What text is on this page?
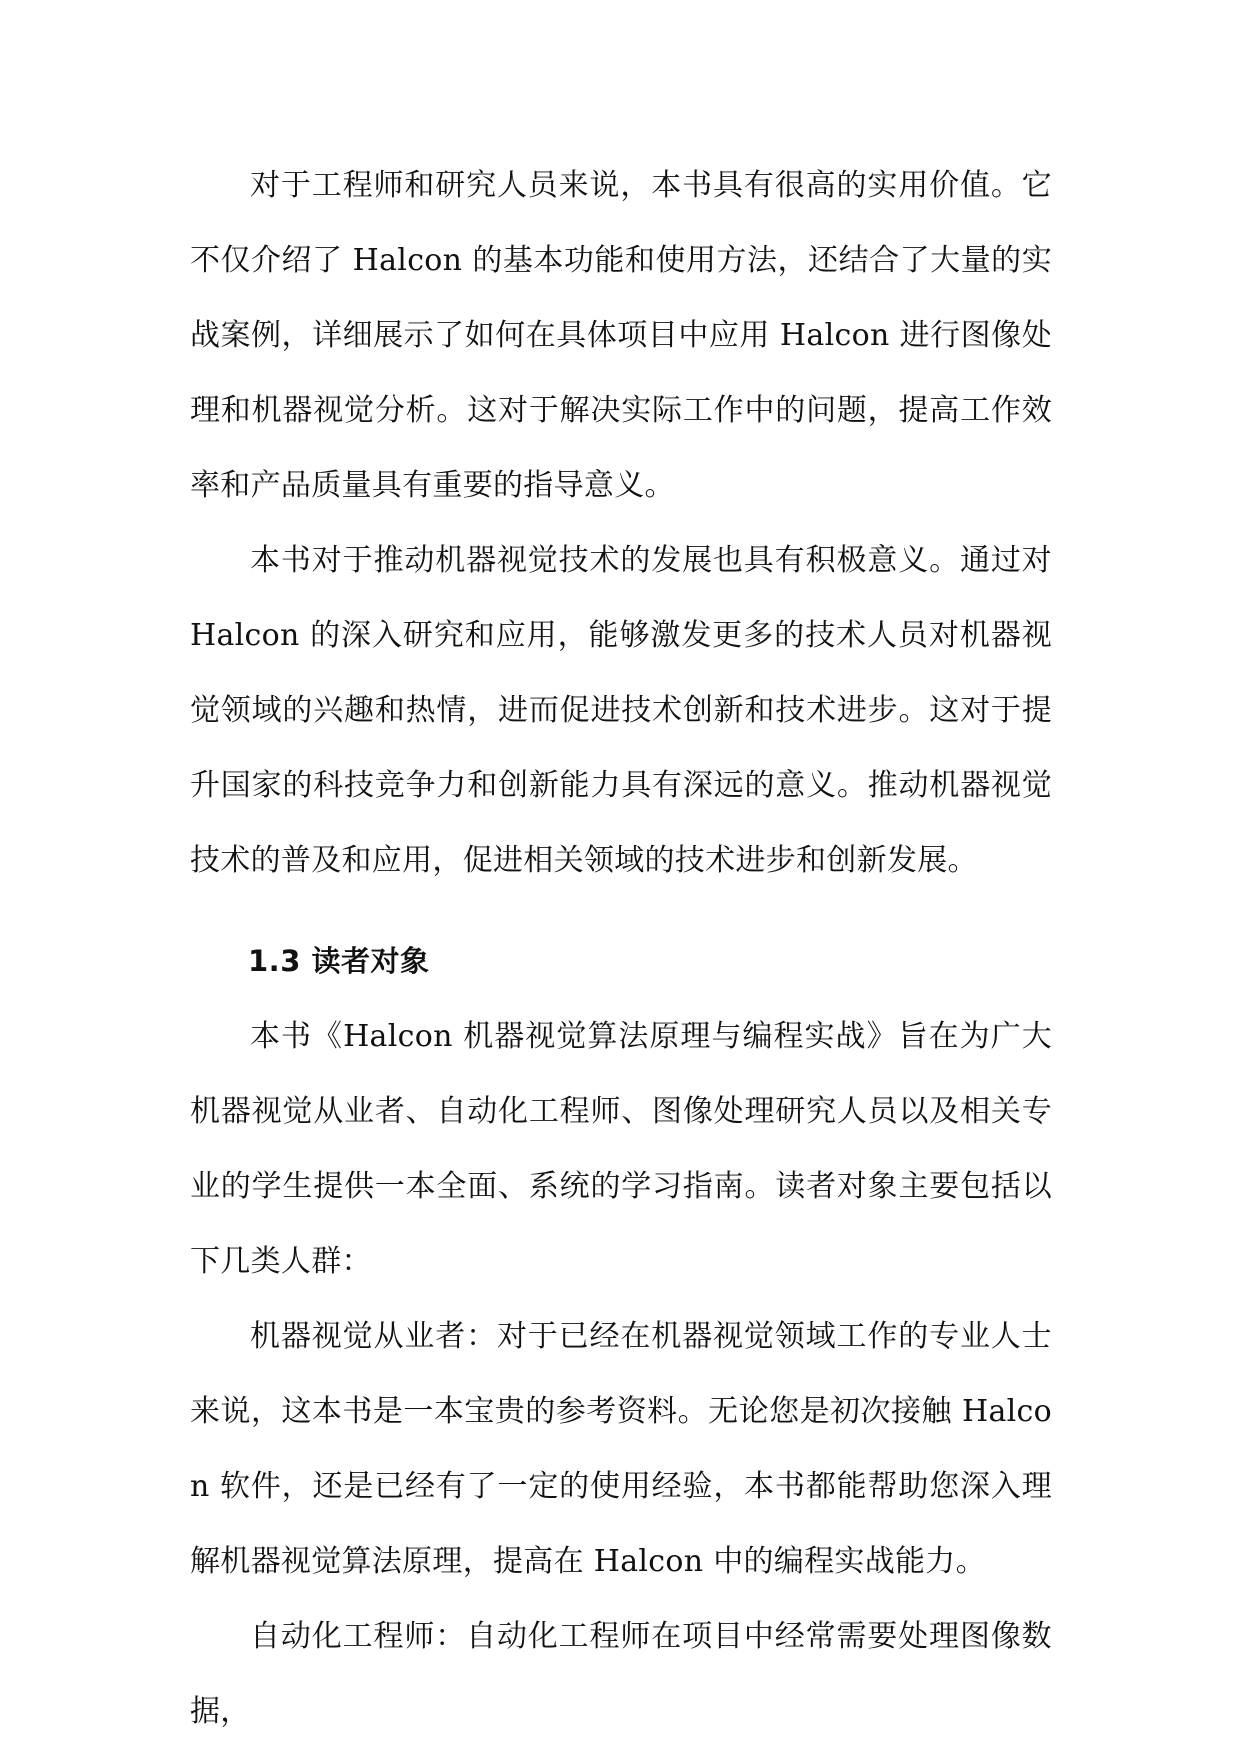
对于工程师和研究人员来说，本书具有很高的实用价值。它不仅介绍了 Halcon 的基本功能和使用方法，还结合了大量的实战案例，详细展示了如何在具体项目中应用 Halcon 进行图像处理和机器视觉分析。这对于解决实际工作中的问题，提高工作效率和产品质量具有重要的指导意义。

本书对于推动机器视觉技术的发展也具有积极意义。通过对 Halcon 的深入研究和应用，能够激发更多的技术人员对机器视觉领域的兴趣和热情，进而促进技术创新和技术进步。这对于提升国家的科技竞争力和创新能力具有深远的意义。推动机器视觉技术的普及和应用，促进相关领域的技术进步和创新发展。

1.3 读者对象

本书《Halcon 机器视觉算法原理与编程实战》旨在为广大机器视觉从业者、自动化工程师、图像处理研究人员以及相关专业的学生提供一本全面、系统的学习指南。读者对象主要包括以下几类人群：

机器视觉从业者：对于已经在机器视觉领域工作的专业人士来说，这本书是一本宝贵的参考资料。无论您是初次接触 Halcon 软件，还是已经有了一定的使用经验，本书都能帮助您深入理解机器视觉算法原理，提高在 Halcon 中的编程实战能力。

自动化工程师：自动化工程师在项目中经常需要处理图像数据，
